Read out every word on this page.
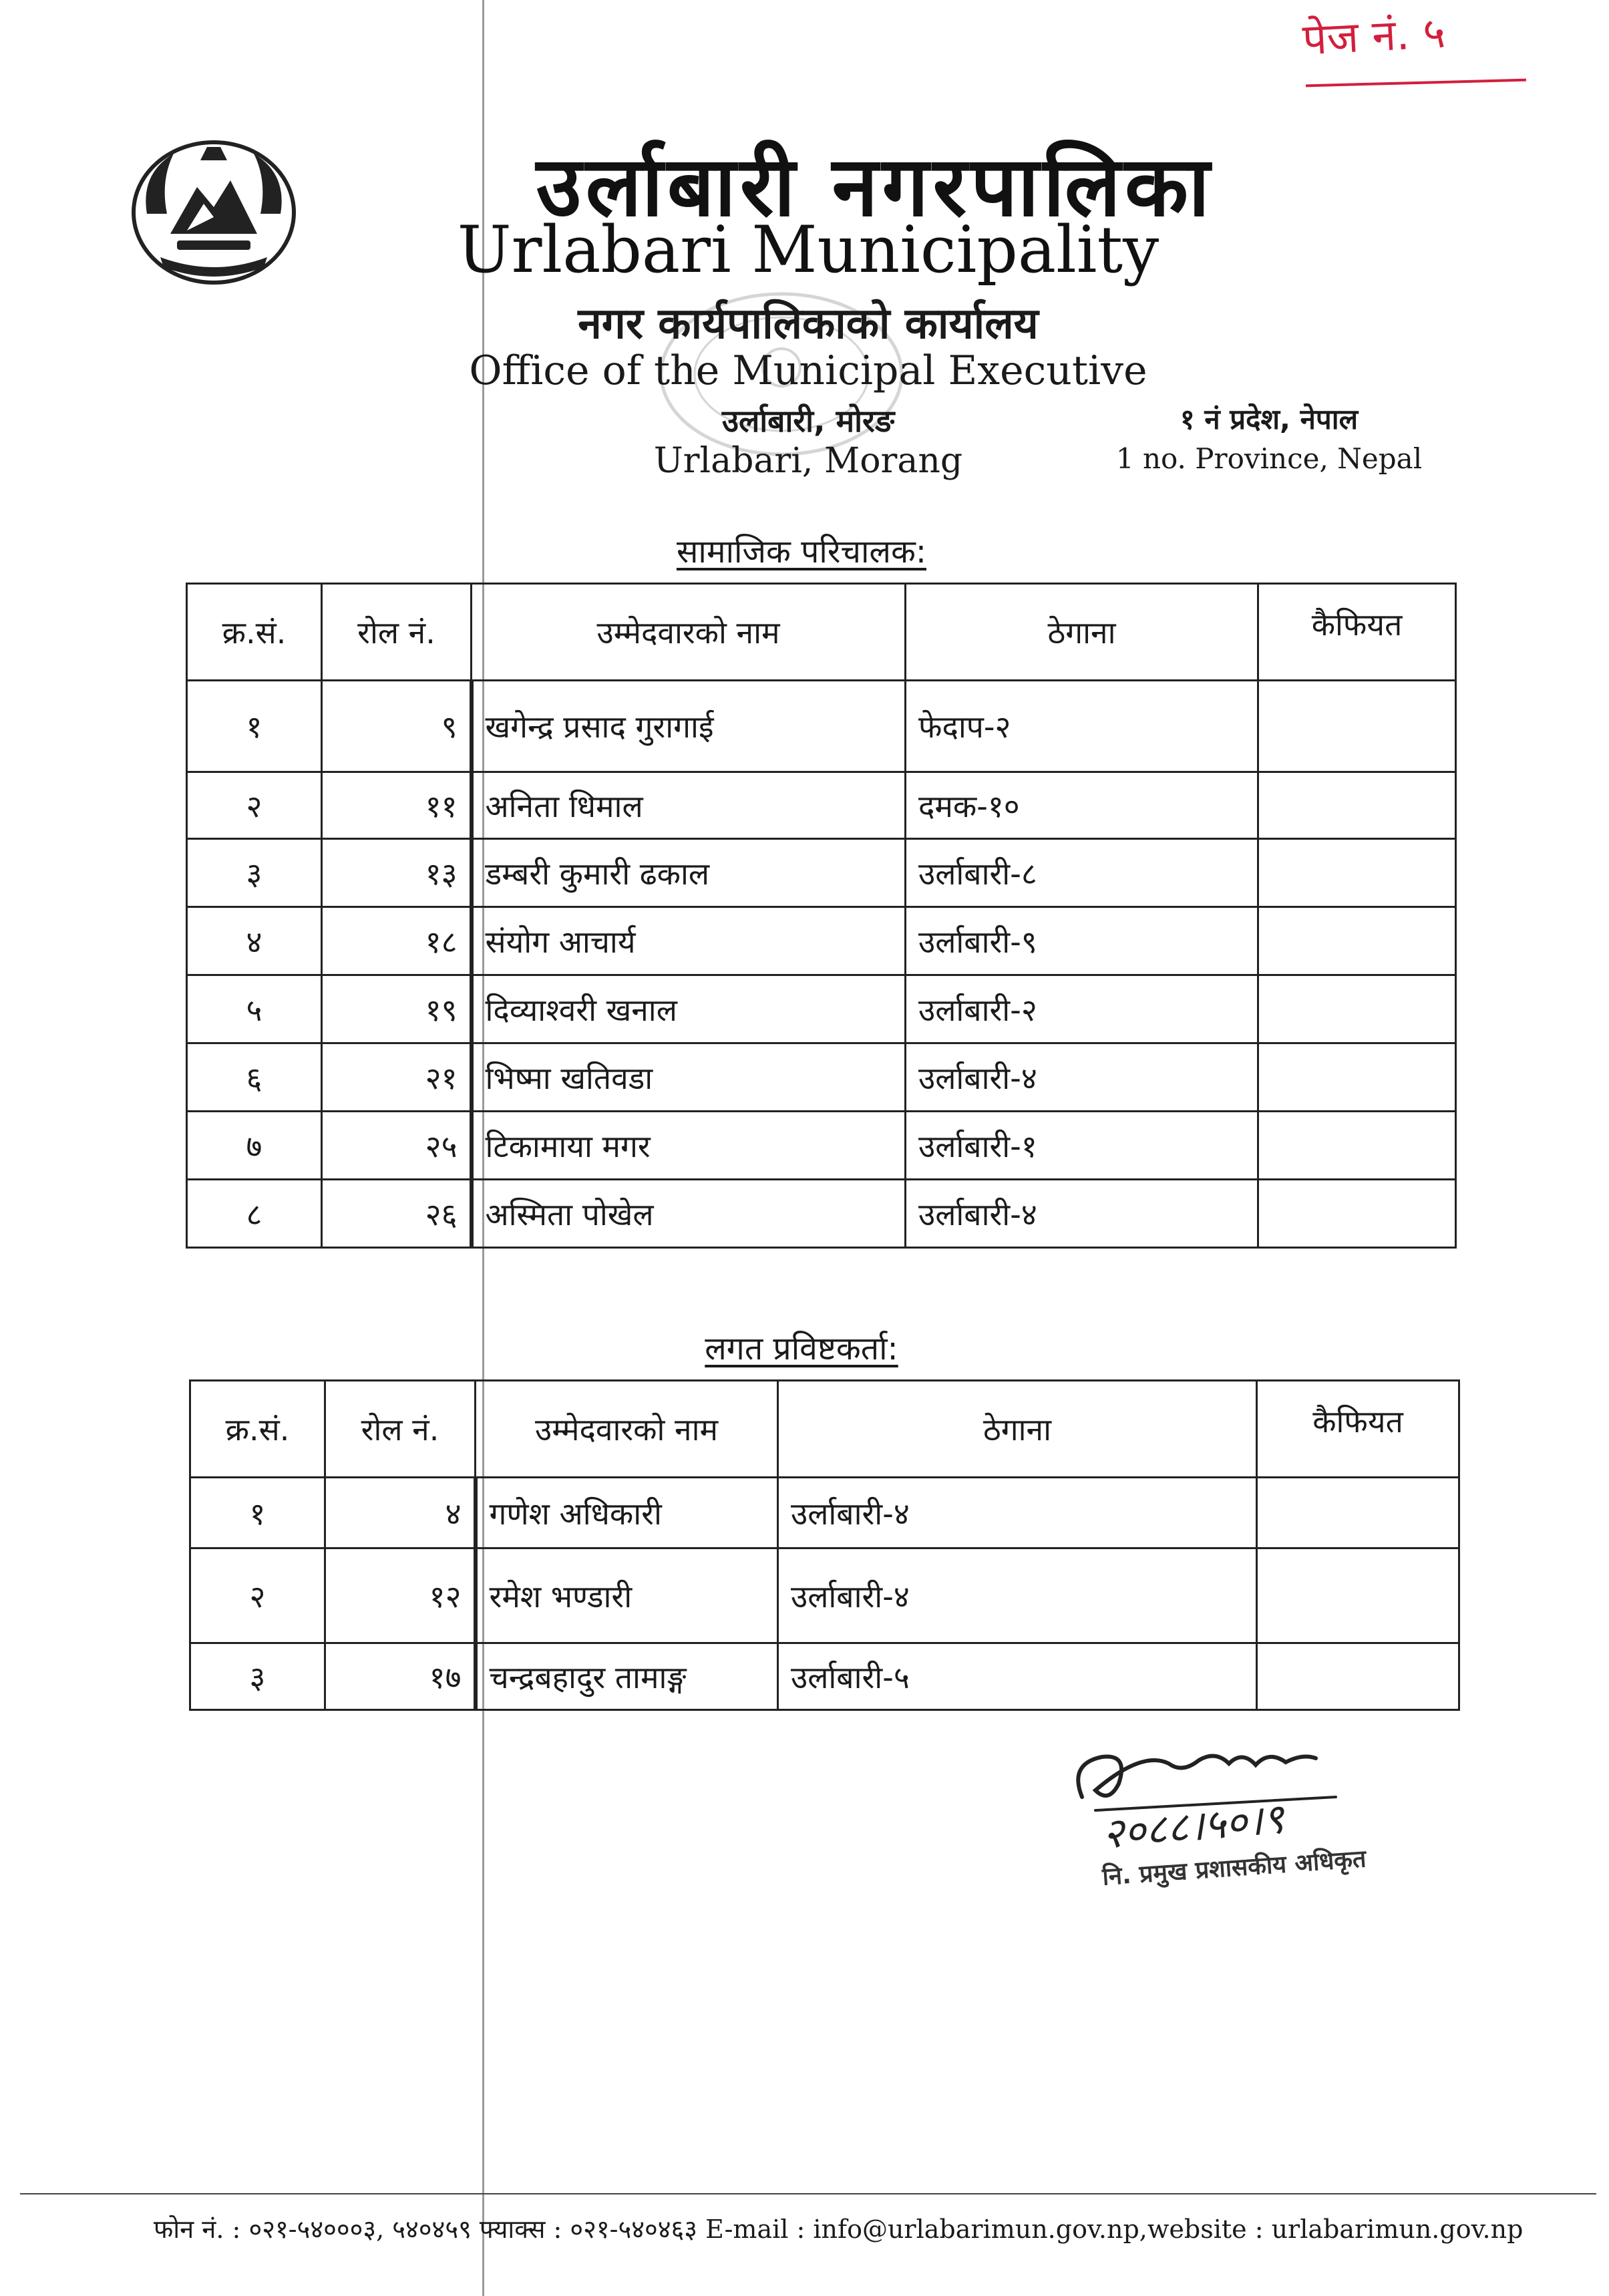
पेज नं. ५
उर्लाबारी नगरपालिका
Urlabari Municipality
नगर कार्यपालिकाको कार्यालय
Office of the Municipal Executive
उर्लाबारी, मोरङ
Urlabari, Morang
१ नं प्रदेश, नेपाल
1 no. Province, Nepal
सामाजिक परिचालक:
क्र.सं.	रोल नं.	उम्मेदवारको नाम	ठेगाना	कैफियत
१	९	खगेन्द्र प्रसाद गुरागाई	फेदाप-२	
२	११	अनिता धिमाल	दमक-१०	
३	१३	डम्बरी कुमारी ढकाल	उर्लाबारी-८	
४	१८	संयोग आचार्य	उर्लाबारी-९	
५	१९	दिव्याश्वरी खनाल	उर्लाबारी-२	
६	२१	भिष्मा खतिवडा	उर्लाबारी-४	
७	२५	टिकामाया मगर	उर्लाबारी-१	
८	२६	अस्मिता पोखेल	उर्लाबारी-४	
लगत प्रविष्टकर्ता:
क्र.सं.	रोल नं.	उम्मेदवारको नाम	ठेगाना	कैफियत
१	४	गणेश अधिकारी	उर्लाबारी-४	
२	१२	रमेश भण्डारी	उर्लाबारी-४	
३	१७	चन्द्रबहादुर तामाङ्ग	उर्लाबारी-५	
२०८८।५०।९
नि. प्रमुख प्रशासकीय अधिकृत
फोन नं. : ०२१-५४०००३, ५४०४५९ फ्याक्स : ०२१-५४०४६३ E-mail : info@urlabarimun.gov.np,website : urlabarimun.gov.np
